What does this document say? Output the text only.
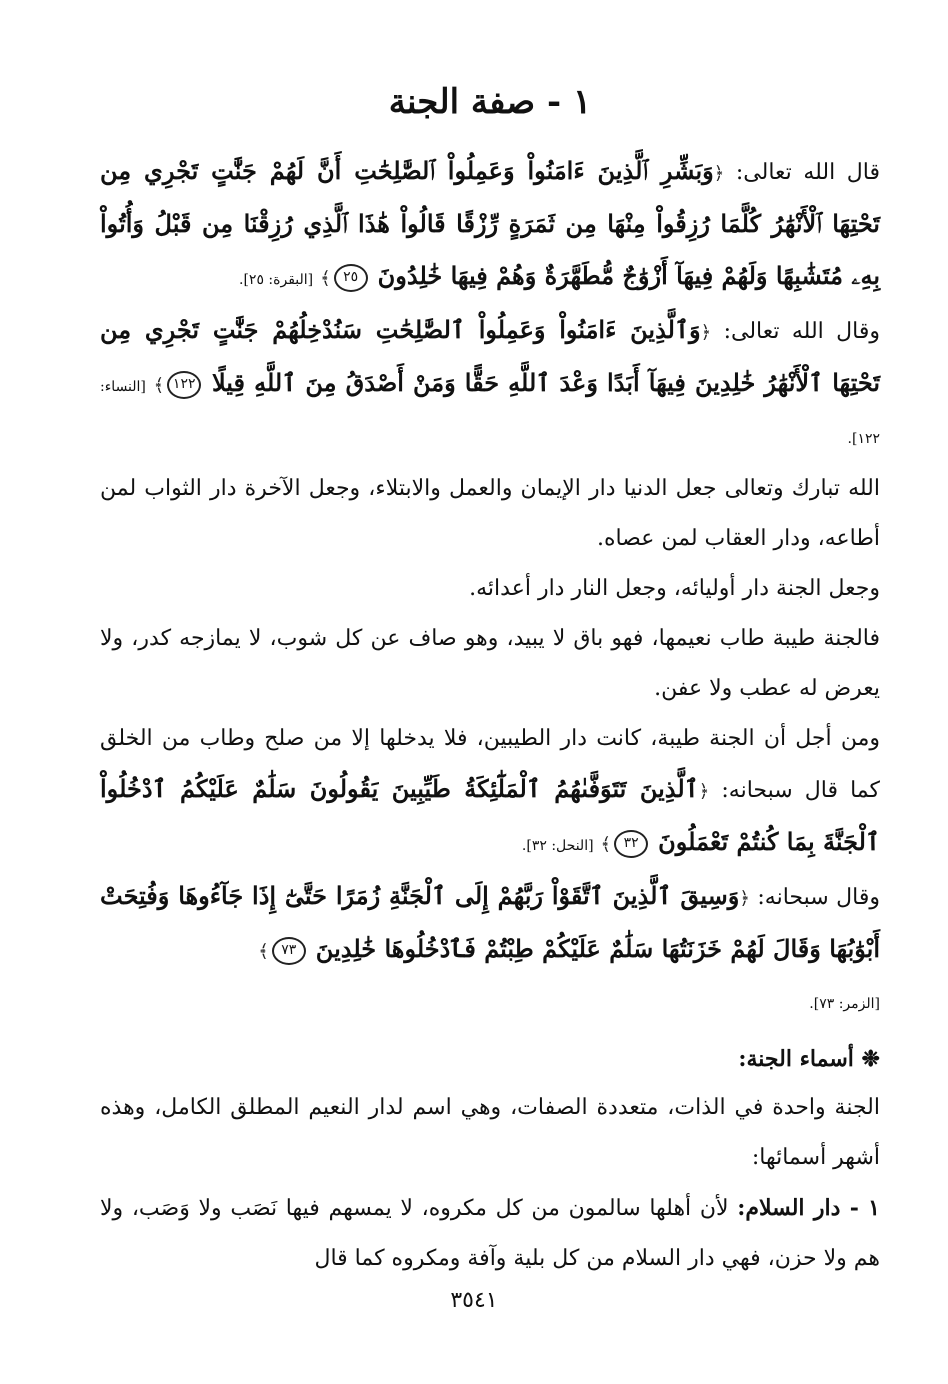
١ - صفة الجنة

قال الله تعالى: ﴿وَبَشِّرِ ٱلَّذِينَ ءَامَنُواْ وَعَمِلُواْ ٱلصَّٰلِحَٰتِ أَنَّ لَهُمْ جَنَّٰتٍ تَجْرِي مِن تَحْتِهَا ٱلْأَنْهَٰرُ كُلَّمَا رُزِقُواْ مِنْهَا مِن ثَمَرَةٍ رِّزْقًا قَالُواْ هَٰذَا ٱلَّذِي رُزِقْنَا مِن قَبْلُ وَأُتُواْ بِهِۦ مُتَشَٰبِهًا وَلَهُمْ فِيهَآ أَزْوَٰجٌ مُّطَهَّرَةٌ وَهُمْ فِيهَا خَٰلِدُونَ ٢٥﴾ [البقرة: ٢٥].

وقال الله تعالى: ﴿وَٱلَّذِينَ ءَامَنُواْ وَعَمِلُواْ ٱلصَّٰلِحَٰتِ سَنُدْخِلُهُمْ جَنَّٰتٍ تَجْرِي مِن تَحْتِهَا ٱلْأَنْهَٰرُ خَٰلِدِينَ فِيهَآ أَبَدًا وَعْدَ ٱللَّهِ حَقًّا وَمَنْ أَصْدَقُ مِنَ ٱللَّهِ قِيلًا ١٢٢﴾ [النساء: ١٢٢].

الله تبارك وتعالى جعل الدنيا دار الإيمان والعمل والابتلاء، وجعل الآخرة دار الثواب لمن أطاعه، ودار العقاب لمن عصاه.

وجعل الجنة دار أوليائه، وجعل النار دار أعدائه.

فالجنة طيبة طاب نعيمها، فهو باق لا يبيد، وهو صاف عن كل شوب، لا يمازجه كدر، ولا يعرض له عطب ولا عفن.

ومن أجل أن الجنة طيبة، كانت دار الطيبين، فلا يدخلها إلا من صلح وطاب من الخلق كما قال سبحانه: ﴿ٱلَّذِينَ تَتَوَفَّىٰهُمُ ٱلْمَلَٰٓئِكَةُ طَيِّبِينَ يَقُولُونَ سَلَٰمٌ عَلَيْكُمُ ٱدْخُلُواْ ٱلْجَنَّةَ بِمَا كُنتُمْ تَعْمَلُونَ ٣٢﴾ [النحل: ٣٢].

وقال سبحانه: ﴿وَسِيقَ ٱلَّذِينَ ٱتَّقَوْاْ رَبَّهُمْ إِلَى ٱلْجَنَّةِ زُمَرًا حَتَّىٰٓ إِذَا جَآءُوهَا وَفُتِحَتْ أَبْوَٰبُهَا وَقَالَ لَهُمْ خَزَنَتُهَا سَلَٰمٌ عَلَيْكُمْ طِبْتُمْ فَٱدْخُلُوهَا خَٰلِدِينَ ٧٣﴾
[الزمر: ٧٣].

❉ أسماء الجنة:

الجنة واحدة في الذات، متعددة الصفات، وهي اسم لدار النعيم المطلق الكامل، وهذه أشهر أسمائها:

١ - دار السلام: لأن أهلها سالمون من كل مكروه، لا يمسهم فيها نَصَب ولا وَصَب، ولا هم ولا حزن، فهي دار السلام من كل بلية وآفة ومكروه كما قال

٣٥٤١
